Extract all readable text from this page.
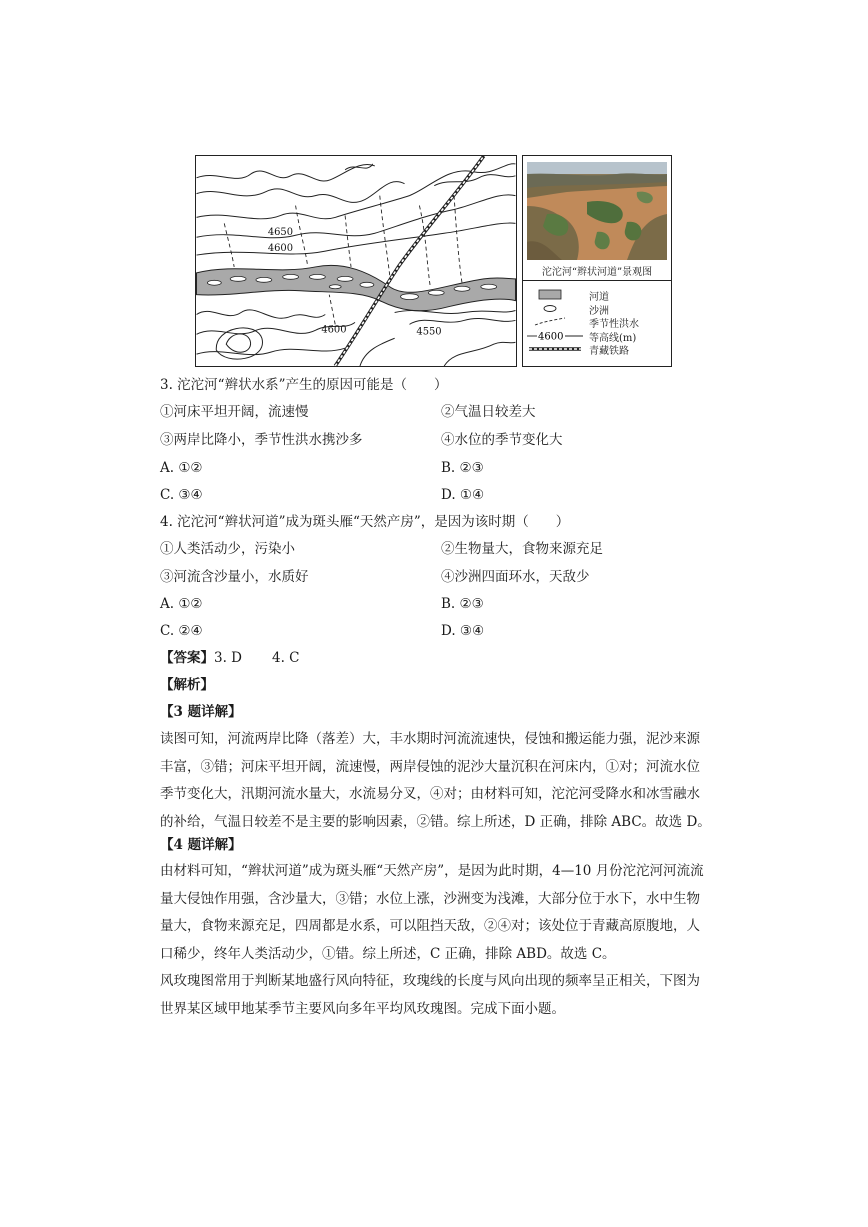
4650
4600
4600	4550
沱沱河“辫状河道”景观图
河道
沙洲
季节性洪水
4600	等高线(m)
青藏铁路
3. 沱沱河“辫状水系”产生的原因可能是（　　）
①河床平坦开阔，流速慢	②气温日较差大
③两岸比降小，季节性洪水携沙多	④水位的季节变化大
A. ①②	B. ②③
C. ③④	D. ①④
4. 沱沱河“辫状河道”成为斑头雁“天然产房”，是因为该时期（　　）
①人类活动少，污染小	②生物量大，食物来源充足
③河流含沙量小，水质好	④沙洲四面环水，天敌少
A. ①②	B. ②③
C. ②④	D. ③④
【答案】3. D 4. C
【解析】
【3 题详解】
读图可知，河流两岸比降（落差）大，丰水期时河流流速快，侵蚀和搬运能力强，泥沙来源
丰富，③错；河床平坦开阔，流速慢，两岸侵蚀的泥沙大量沉积在河床内，①对；河流水位
季节变化大，汛期河流水量大，水流易分叉，④对；由材料可知，沱沱河受降水和冰雪融水
的补给，气温日较差不是主要的影响因素，②错。综上所述，D 正确，排除 ABC。故选 D。
【4 题详解】
由材料可知，“辫状河道”成为斑头雁“天然产房”，是因为此时期，4—10 月份沱沱河河流流
量大侵蚀作用强，含沙量大，③错；水位上涨，沙洲变为浅滩，大部分位于水下，水中生物
量大，食物来源充足，四周都是水系，可以阻挡天敌，②④对；该处位于青藏高原腹地，人
口稀少，终年人类活动少，①错。综上所述，C 正确，排除 ABD。故选 C。
风玫瑰图常用于判断某地盛行风向特征，玫瑰线的长度与风向出现的频率呈正相关，下图为
世界某区域甲地某季节主要风向多年平均风玫瑰图。完成下面小题。
